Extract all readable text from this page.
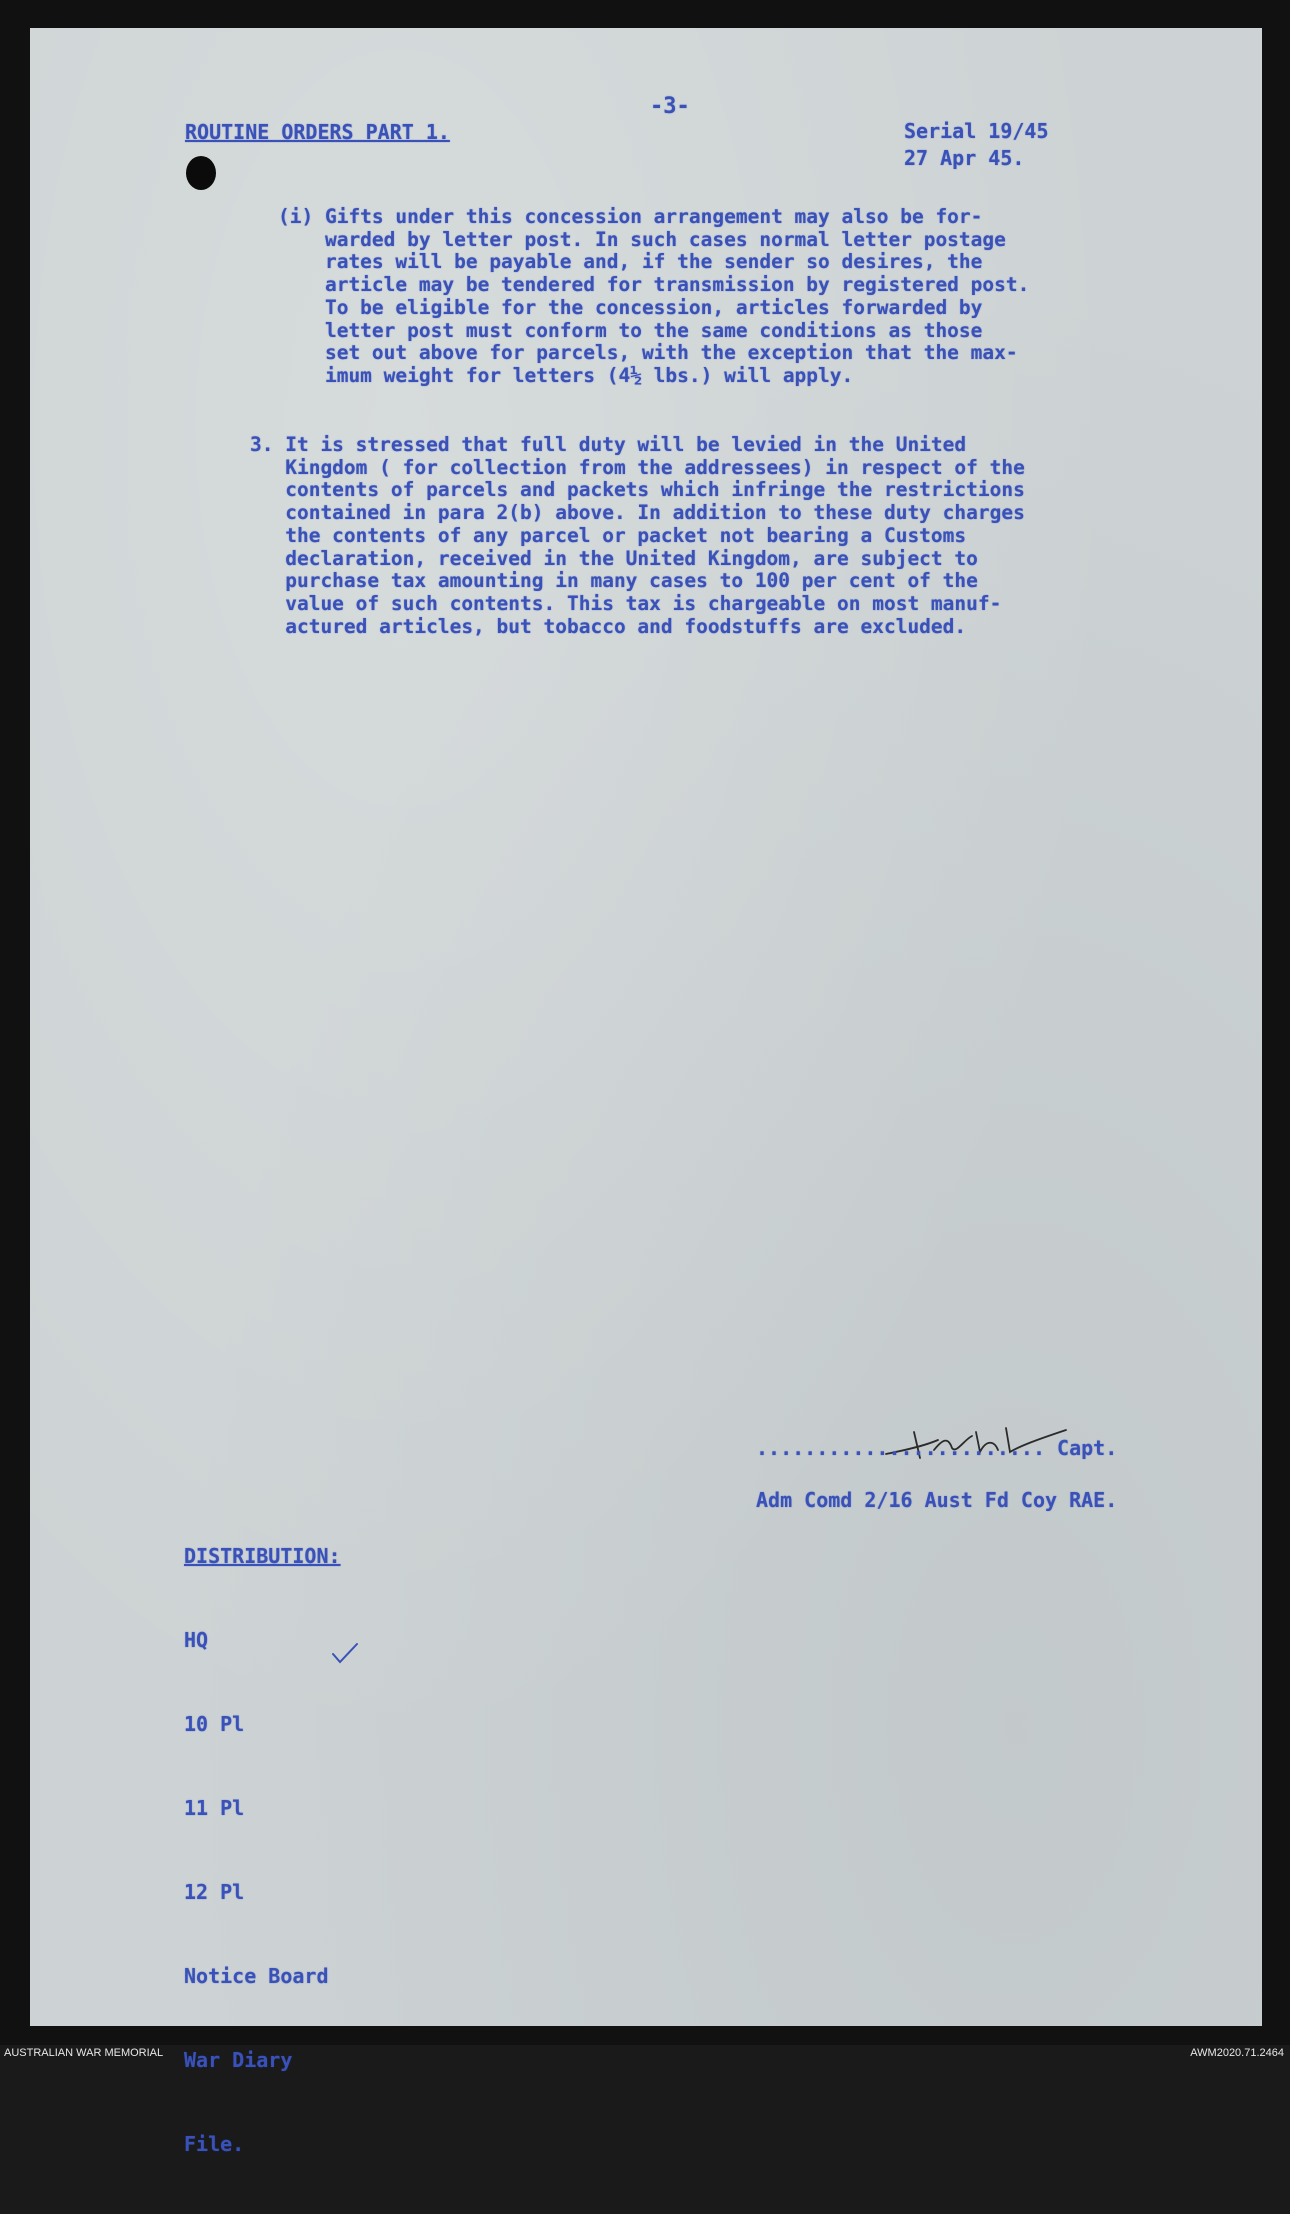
-3-
ROUTINE ORDERS PART 1.	Serial 19/45
27 Apr 45.
(i) Gifts under this concession arrangement may also be for-
warded by letter post. In such cases normal letter postage
rates will be payable and, if the sender so desires, the
article may be tendered for transmission by registered post.
To be eligible for the concession, articles forwarded by
letter post must conform to the same conditions as those
set out above for parcels, with the exception that the max-
imum weight for letters (4½ lbs.) will apply.
3. It is stressed that full duty will be levied in the United
Kingdom ( for collection from the addressees) in respect of the
contents of parcels and packets which infringe the restrictions
contained in para 2(b) above. In addition to these duty charges
the contents of any parcel or packet not bearing a Customs
declaration, received in the United Kingdom, are subject to
purchase tax amounting in many cases to 100 per cent of the
value of such contents. This tax is chargeable on most manuf-
actured articles, but tobacco and foodstuffs are excluded.
........................ Capt.
Adm Comd 2/16 Aust Fd Coy RAE.

DISTRIBUTION:

HQ

10 Pl

11 Pl

12 Pl

Notice Board

War Diary

File.

AUSTRALIAN WAR MEMORIAL	AWM2020.71.2464
